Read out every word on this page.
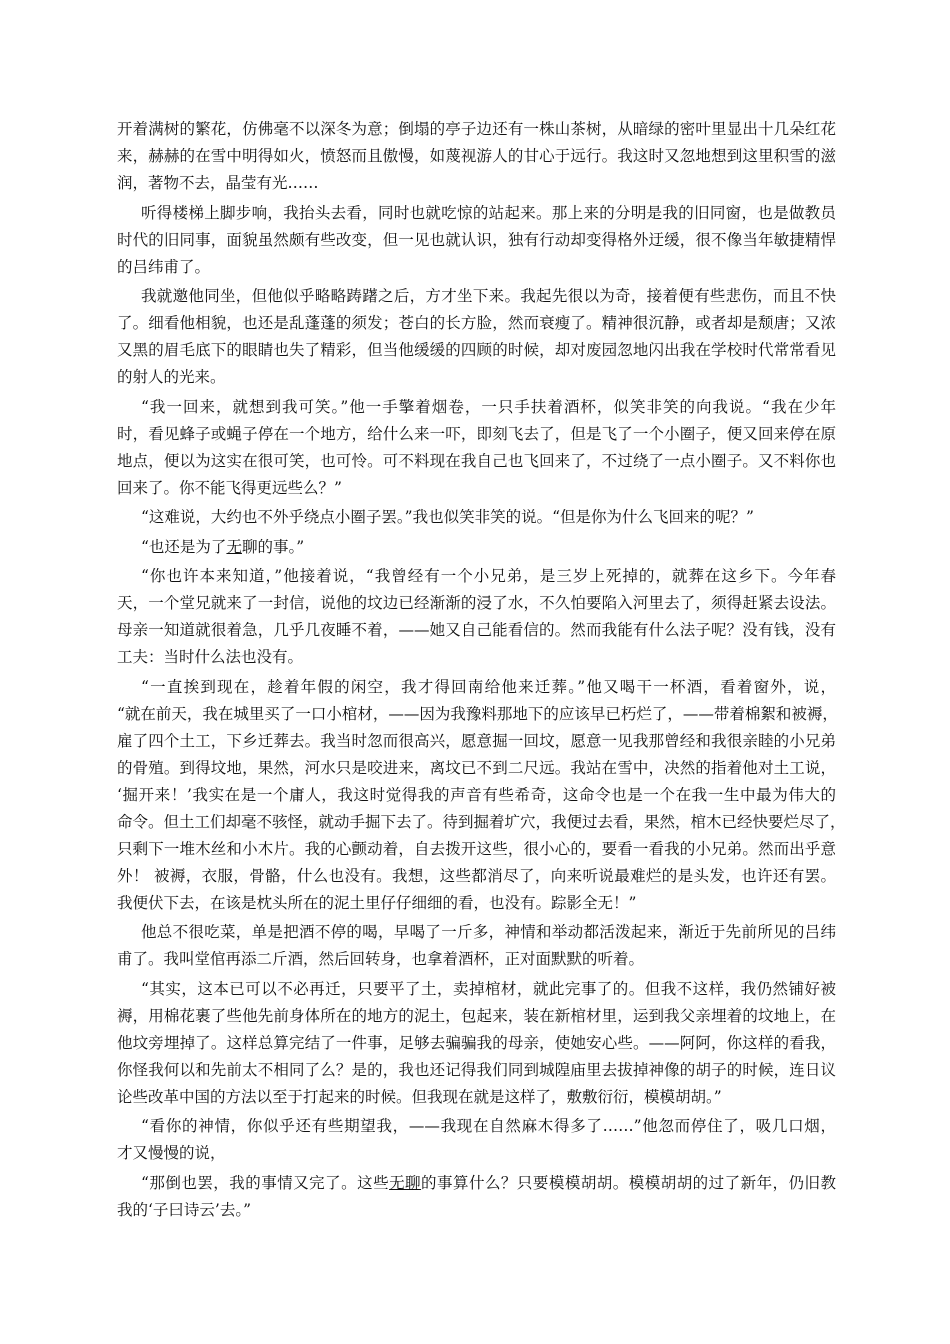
开着满树的繁花，仿佛毫不以深冬为意；倒塌的亭子边还有一株山茶树，从暗绿的密叶里显出十几朵红花
来，赫赫的在雪中明得如火，愤怒而且傲慢，如蔑视游人的甘心于远行。我这时又忽地想到这里积雪的滋
润，著物不去，晶莹有光……
听得楼梯上脚步响，我抬头去看，同时也就吃惊的站起来。那上来的分明是我的旧同窗，也是做教员
时代的旧同事，面貌虽然颇有些改变，但一见也就认识，独有行动却变得格外迂缓，很不像当年敏捷精悍
的吕纬甫了。
我就邀他同坐，但他似乎略略踌躇之后，方才坐下来。我起先很以为奇，接着便有些悲伤，而且不快
了。细看他相貌，也还是乱蓬蓬的须发；苍白的长方脸，然而衰瘦了。精神很沉静，或者却是颓唐；又浓
又黑的眉毛底下的眼睛也失了精彩，但当他缓缓的四顾的时候，却对废园忽地闪出我在学校时代常常看见
的射人的光来。
“我一回来，就想到我可笑。”他一手擎着烟卷，一只手扶着酒杯，似笑非笑的向我说。“我在少年
时，看见蜂子或蝇子停在一个地方，给什么来一吓，即刻飞去了，但是飞了一个小圈子，便又回来停在原
地点，便以为这实在很可笑，也可怜。可不料现在我自己也飞回来了，不过绕了一点小圈子。又不料你也
回来了。你不能飞得更远些么？”
“这难说，大约也不外乎绕点小圈子罢。”我也似笑非笑的说。“但是你为什么飞回来的呢？”
“也还是为了无聊的事。”
“你也许本来知道，”他接着说，“我曾经有一个小兄弟，是三岁上死掉的，就葬在这乡下。今年春
天，一个堂兄就来了一封信，说他的坟边已经渐渐的浸了水，不久怕要陷入河里去了，须得赶紧去设法。
母亲一知道就很着急，几乎几夜睡不着，——她又自己能看信的。然而我能有什么法子呢？没有钱，没有
工夫：当时什么法也没有。
“一直挨到现在，趁着年假的闲空，我才得回南给他来迁葬。”他又喝干一杯酒，看着窗外，说，
“就在前天，我在城里买了一口小棺材，——因为我豫料那地下的应该早已朽烂了，——带着棉絮和被褥，
雇了四个土工，下乡迁葬去。我当时忽而很高兴，愿意掘一回坟，愿意一见我那曾经和我很亲睦的小兄弟
的骨殖。到得坟地，果然，河水只是咬进来，离坟已不到二尺远。我站在雪中，决然的指着他对土工说，
‘掘开来！’我实在是一个庸人，我这时觉得我的声音有些希奇，这命令也是一个在我一生中最为伟大的
命令。但土工们却毫不骇怪，就动手掘下去了。待到掘着圹穴，我便过去看，果然，棺木已经快要烂尽了，
只剩下一堆木丝和小木片。我的心颤动着，自去拨开这些，很小心的，要看一看我的小兄弟。然而出乎意
外！ 被褥，衣服，骨骼，什么也没有。我想，这些都消尽了，向来听说最难烂的是头发，也许还有罢。
我便伏下去，在该是枕头所在的泥土里仔仔细细的看，也没有。踪影全无！”
他总不很吃菜，单是把酒不停的喝，早喝了一斤多，神情和举动都活泼起来，渐近于先前所见的吕纬
甫了。我叫堂倌再添二斤酒，然后回转身，也拿着酒杯，正对面默默的听着。
“其实，这本已可以不必再迁，只要平了土，卖掉棺材，就此完事了的。但我不这样，我仍然铺好被
褥，用棉花裹了些他先前身体所在的地方的泥土，包起来，装在新棺材里，运到我父亲埋着的坟地上，在
他坟旁埋掉了。这样总算完结了一件事，足够去骗骗我的母亲，使她安心些。——阿阿，你这样的看我，
你怪我何以和先前太不相同了么？是的，我也还记得我们同到城隍庙里去拔掉神像的胡子的时候，连日议
论些改革中国的方法以至于打起来的时候。但我现在就是这样了，敷敷衍衍，模模胡胡。”
“看你的神情，你似乎还有些期望我，——我现在自然麻木得多了……”他忽而停住了，吸几口烟，
才又慢慢的说，
“那倒也罢，我的事情又完了。这些无聊的事算什么？只要模模胡胡。模模胡胡的过了新年，仍旧教
我的‘子曰诗云’去。”
